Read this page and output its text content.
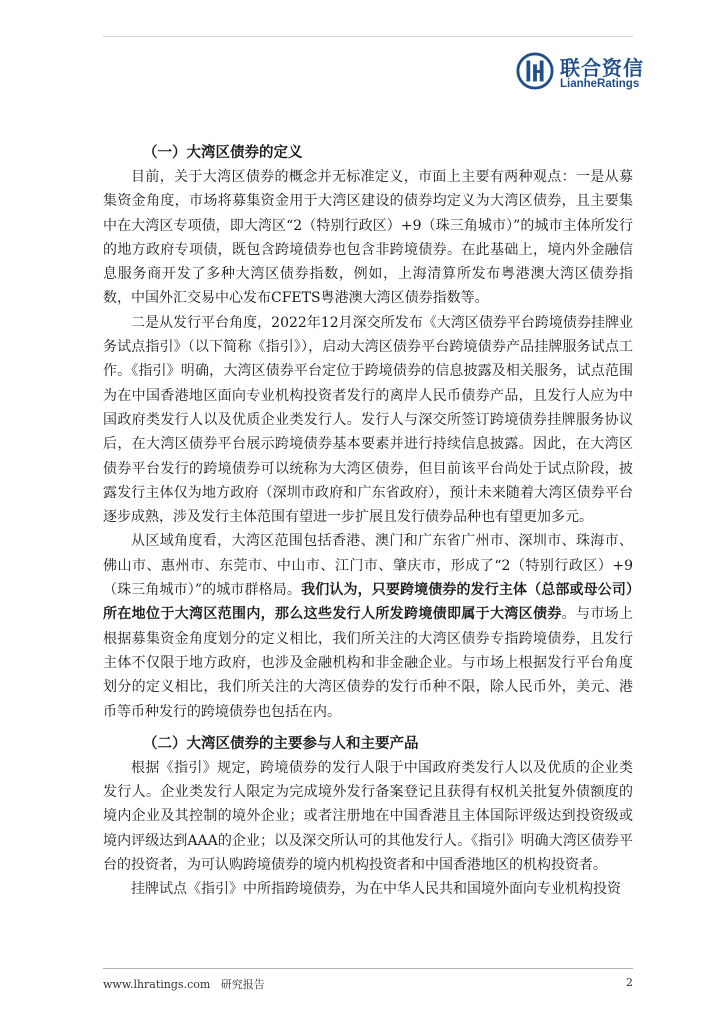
联合资信
LianheRatings
（一）大湾区债券的定义

目前，关于大湾区债券的概念并无标准定义，市面上主要有两种观点：一是从募集资金角度，市场将募集资金用于大湾区建设的债券均定义为大湾区债券，且主要集中在大湾区专项债，即大湾区“2（特别行政区）+9（珠三角城市）”的城市主体所发行的地方政府专项债，既包含跨境债券也包含非跨境债券。在此基础上，境内外金融信息服务商开发了多种大湾区债券指数，例如，上海清算所发布粤港澳大湾区债券指数，中国外汇交易中心发布CFETS粤港澳大湾区债券指数等。

二是从发行平台角度，2022年12月深交所发布《大湾区债券平台跨境债券挂牌业务试点指引》（以下简称《指引》），启动大湾区债券平台跨境债券产品挂牌服务试点工作。《指引》明确，大湾区债券平台定位于跨境债券的信息披露及相关服务，试点范围为在中国香港地区面向专业机构投资者发行的离岸人民币债券产品，且发行人应为中国政府类发行人以及优质企业类发行人。发行人与深交所签订跨境债券挂牌服务协议后，在大湾区债券平台展示跨境债券基本要素并进行持续信息披露。因此，在大湾区债券平台发行的跨境债券可以统称为大湾区债券，但目前该平台尚处于试点阶段，披露发行主体仅为地方政府（深圳市政府和广东省政府），预计未来随着大湾区债券平台逐步成熟，涉及发行主体范围有望进一步扩展且发行债券品种也有望更加多元。

从区域角度看，大湾区范围包括香港、澳门和广东省广州市、深圳市、珠海市、佛山市、惠州市、东莞市、中山市、江门市、肇庆市，形成了“2（特别行政区）+9（珠三角城市）”的城市群格局。我们认为，只要跨境债券的发行主体（总部或母公司）所在地位于大湾区范围内，那么这些发行人所发跨境债即属于大湾区债券。与市场上根据募集资金角度划分的定义相比，我们所关注的大湾区债券专指跨境债券，且发行主体不仅限于地方政府，也涉及金融机构和非金融企业。与市场上根据发行平台角度划分的定义相比，我们所关注的大湾区债券的发行币种不限，除人民币外，美元、港币等币种发行的跨境债券也包括在内。

（二）大湾区债券的主要参与人和主要产品

根据《指引》规定，跨境债券的发行人限于中国政府类发行人以及优质的企业类发行人。企业类发行人限定为完成境外发行备案登记且获得有权机关批复外债额度的境内企业及其控制的境外企业；或者注册地在中国香港且主体国际评级达到投资级或境内评级达到AAA的企业；以及深交所认可的其他发行人。《指引》明确大湾区债券平台的投资者，为可认购跨境债券的境内机构投资者和中国香港地区的机构投资者。

挂牌试点《指引》中所指跨境债券，为在中华人民共和国境外面向专业机构投资

www.lhratings.com 研究报告	2
